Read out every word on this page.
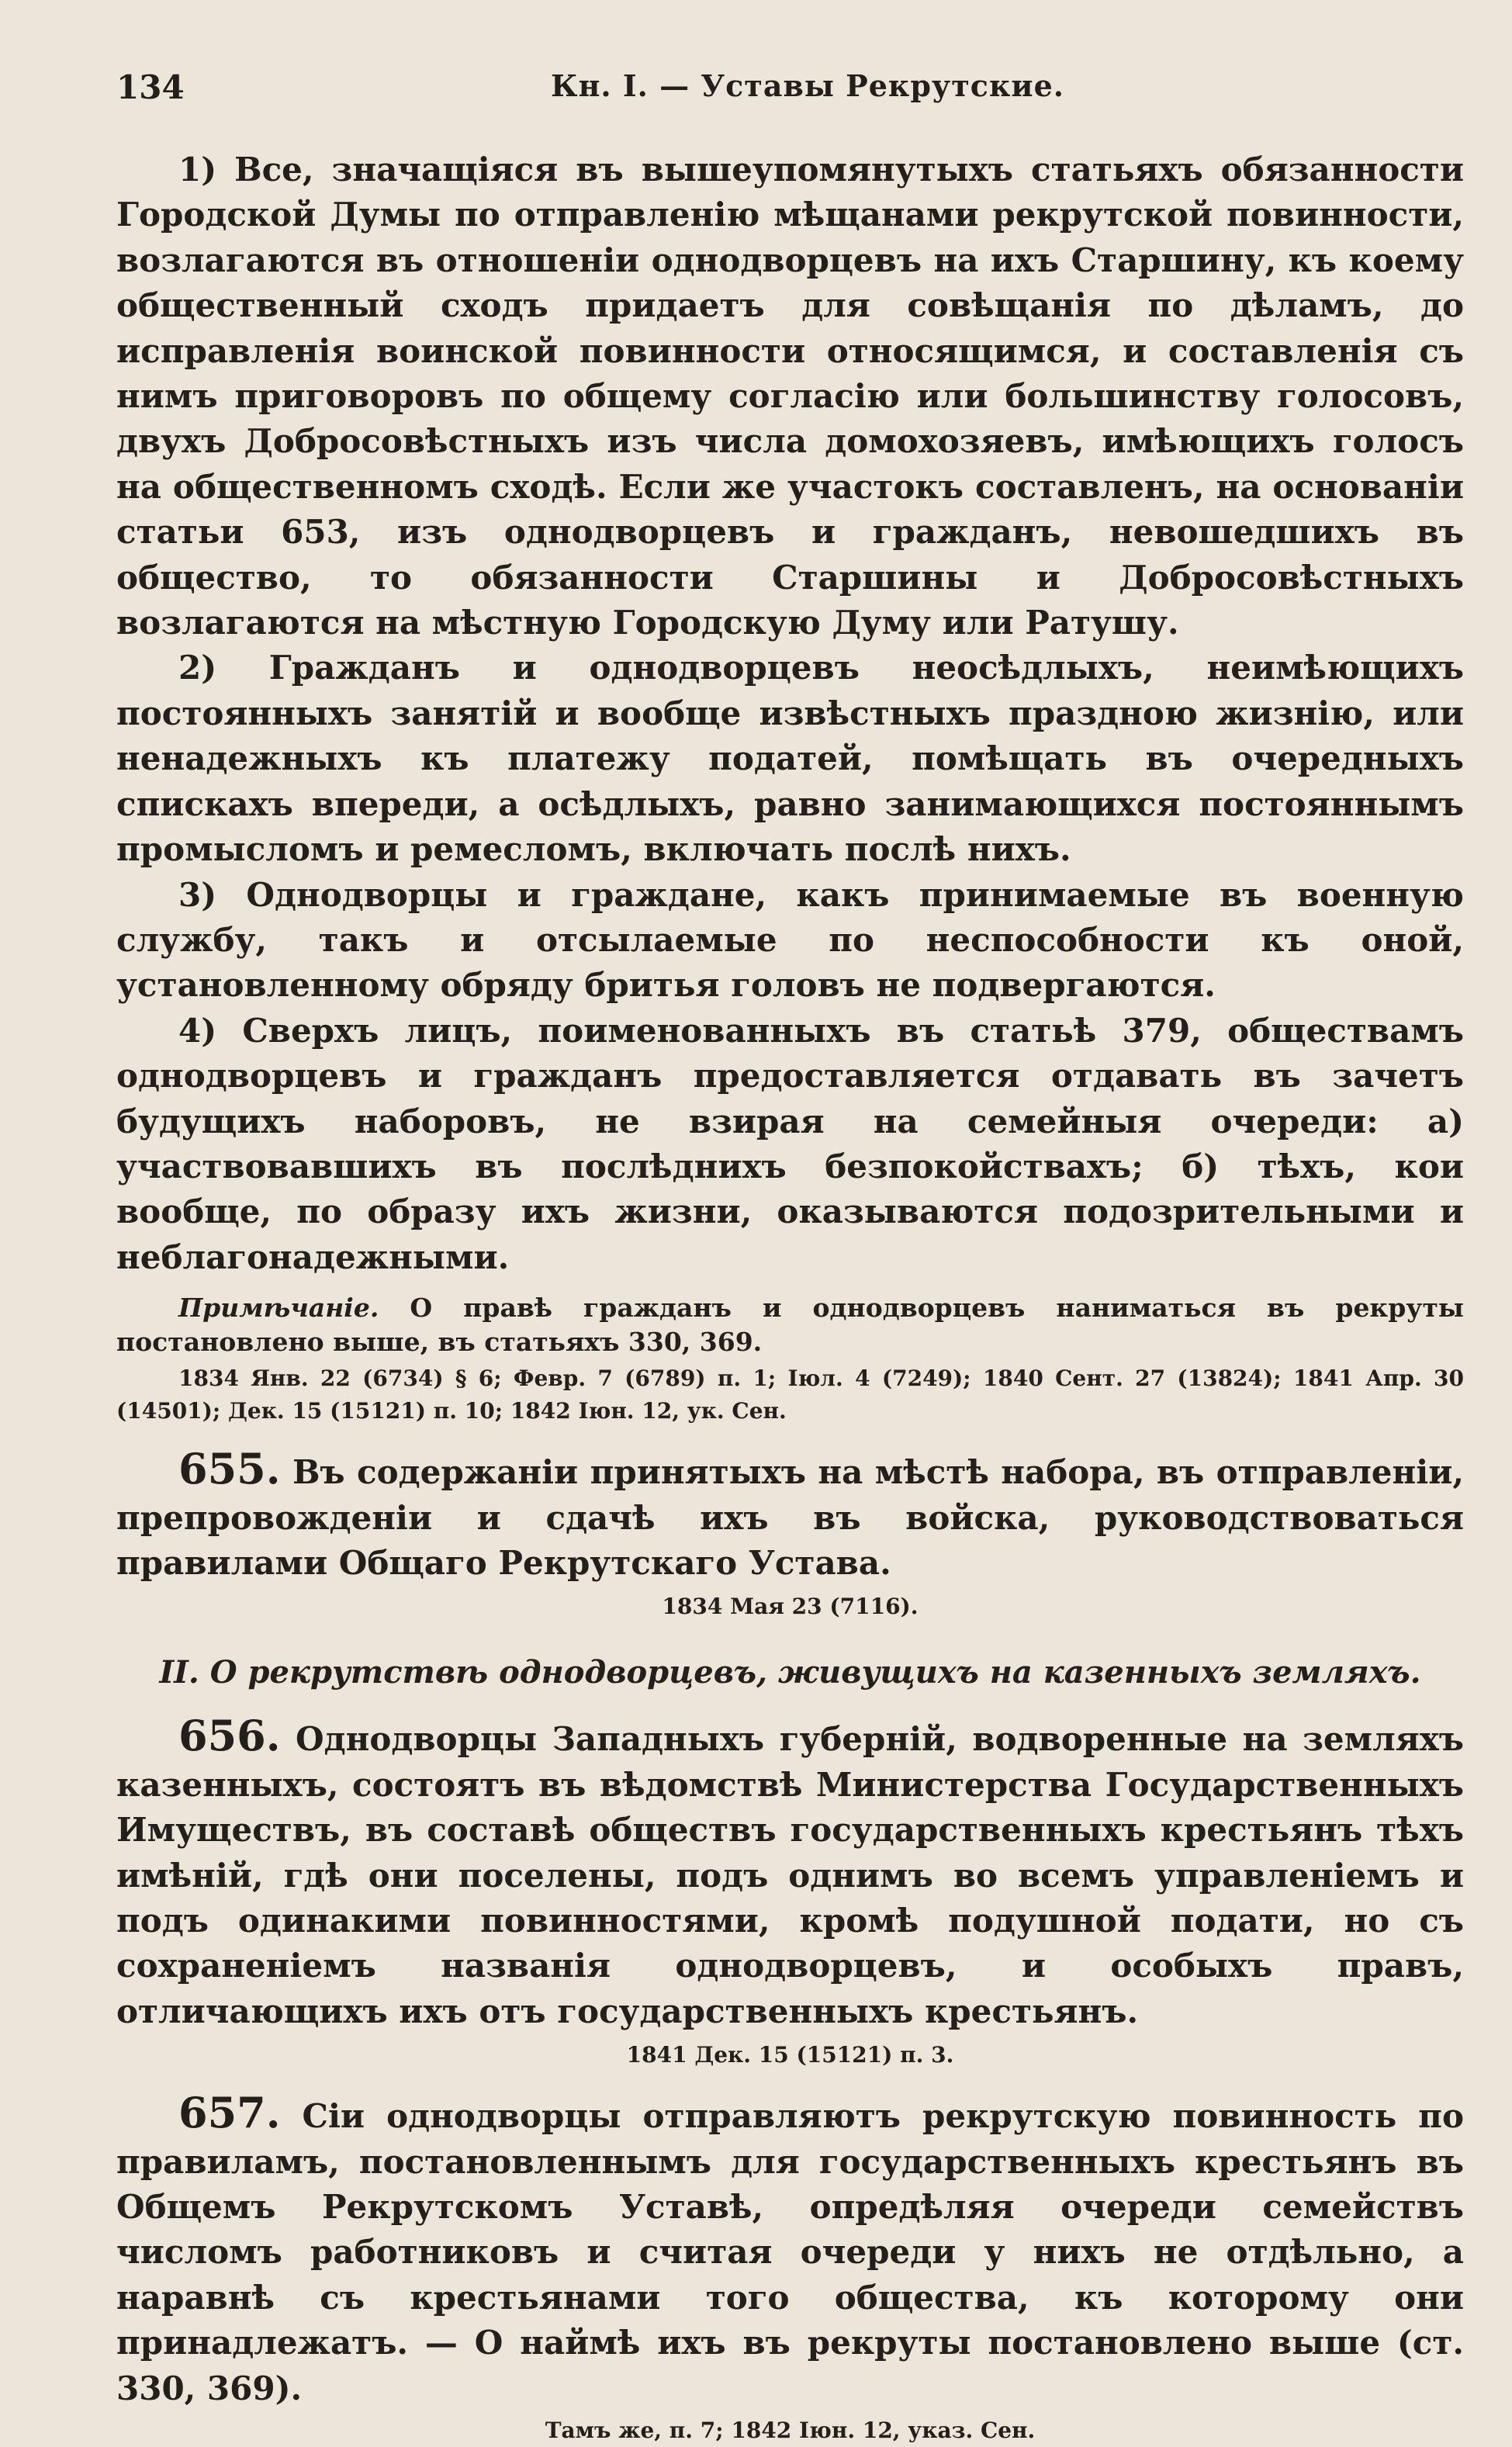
134	Кн. I. — Уставы Рекрутские.

1) Все, значащіяся въ вышеупомянутыхъ статьяхъ обязанности Городской Думы по отправленію мѣщанами рекрутской повинности, возлагаются въ отношеніи однодворцевъ на ихъ Старшину, къ коему общественный сходъ придаетъ для совѣщанія по дѣламъ, до исправленія воинской повинности относящимся, и составленія съ нимъ приговоровъ по общему согласію или большинству голосовъ, двухъ Добросовѣстныхъ изъ числа домохозяевъ, имѣющихъ голосъ на общественномъ сходѣ. Если же участокъ составленъ, на основаніи статьи 653, изъ однодворцевъ и гражданъ, невошедшихъ въ общество, то обязанности Старшины и Добросовѣстныхъ возлагаются на мѣстную Городскую Думу или Ратушу.

2) Гражданъ и однодворцевъ неосѣдлыхъ, неимѣющихъ постоянныхъ занятій и вообще извѣстныхъ праздною жизнію, или ненадежныхъ къ платежу податей, помѣщать въ очередныхъ спискахъ впереди, а осѣдлыхъ, равно занимающихся постояннымъ промысломъ и ремесломъ, включать послѣ нихъ.

3) Однодворцы и граждане, какъ принимаемые въ военную службу, такъ и отсылаемые по неспособности къ оной, установленному обряду бритья головъ не подвергаются.

4) Сверхъ лицъ, поименованныхъ въ статьѣ 379, обществамъ однодворцевъ и гражданъ предоставляется отдавать въ зачетъ будущихъ наборовъ, не взирая на семейныя очереди: а) участвовавшихъ въ послѣднихъ безпокойствахъ; б) тѣхъ, кои вообще, по образу ихъ жизни, оказываются подозрительными и неблагонадежными.

Примѣчаніе. О правѣ гражданъ и однодворцевъ наниматься въ рекруты постановлено выше, въ статьяхъ 330, 369.

1834 Янв. 22 (6734) § 6; Февр. 7 (6789) п. 1; Іюл. 4 (7249); 1840 Сент. 27 (13824); 1841 Апр. 30 (14501); Дек. 15 (15121) п. 10; 1842 Іюн. 12, ук. Сен.

655. Въ содержаніи принятыхъ на мѣстѣ набора, въ отправленіи, препровожденіи и сдачѣ ихъ въ войска, руководствоваться правилами Общаго Рекрутскаго Устава.

1834 Мая 23 (7116).

II. О рекрутствѣ однодворцевъ, живущихъ на казенныхъ земляхъ.

656. Однодворцы Западныхъ губерній, водворенные на земляхъ казенныхъ, состоятъ въ вѣдомствѣ Министерства Государственныхъ Имуществъ, въ составѣ обществъ государственныхъ крестьянъ тѣхъ имѣній, гдѣ они поселены, подъ однимъ во всемъ управленіемъ и подъ одинакими повинностями, кромѣ подушной подати, но съ сохраненіемъ названія однодворцевъ, и особыхъ правъ, отличающихъ ихъ отъ государственныхъ крестьянъ.

1841 Дек. 15 (15121) п. 3.

657. Сіи однодворцы отправляютъ рекрутскую повинность по правиламъ, постановленнымъ для государственныхъ крестьянъ въ Общемъ Рекрутскомъ Уставѣ, опредѣляя очереди семействъ числомъ работниковъ и считая очереди у нихъ не отдѣльно, а наравнѣ съ крестьянами того общества, къ которому они принадлежатъ. — О наймѣ ихъ въ рекруты постановлено выше (ст. 330, 369).

Тамъ же, п. 7; 1842 Іюн. 12, указ. Сен.
